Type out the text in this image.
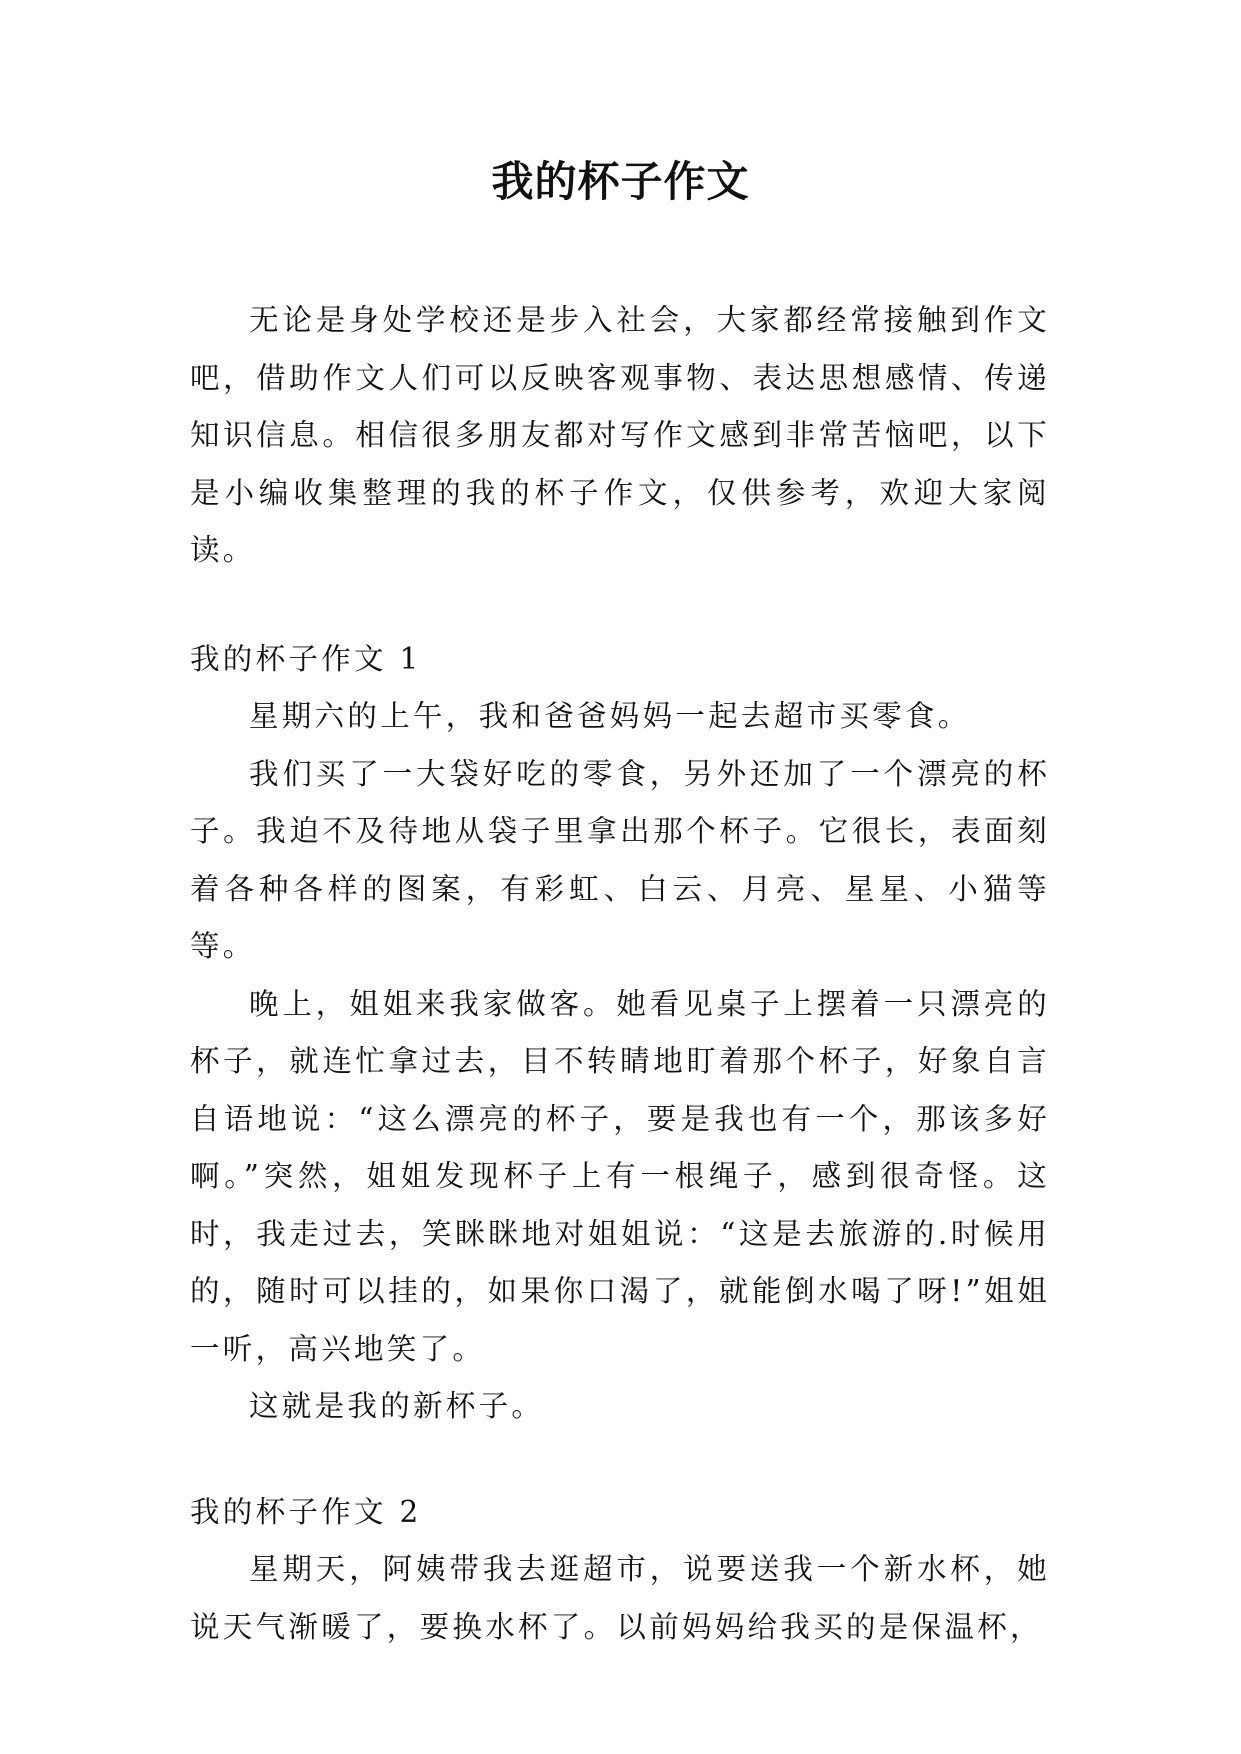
我的杯子作文

无论是身处学校还是步入社会，大家都经常接触到作文吧，借助作文人们可以反映客观事物、表达思想感情、传递知识信息。相信很多朋友都对写作文感到非常苦恼吧，以下是小编收集整理的我的杯子作文，仅供参考，欢迎大家阅读。

我的杯子作文 1

星期六的上午，我和爸爸妈妈一起去超市买零食。

我们买了一大袋好吃的零食，另外还加了一个漂亮的杯子。我迫不及待地从袋子里拿出那个杯子。它很长，表面刻着各种各样的图案，有彩虹、白云、月亮、星星、小猫等等。

晚上，姐姐来我家做客。她看见桌子上摆着一只漂亮的杯子，就连忙拿过去，目不转睛地盯着那个杯子，好象自言自语地说：“这么漂亮的杯子，要是我也有一个，那该多好啊。”突然，姐姐发现杯子上有一根绳子，感到很奇怪。这时，我走过去，笑眯眯地对姐姐说：“这是去旅游的.时候用的，随时可以挂的，如果你口渴了，就能倒水喝了呀!”姐姐一听，高兴地笑了。

这就是我的新杯子。

我的杯子作文 2

星期天，阿姨带我去逛超市，说要送我一个新水杯，她说天气渐暖了，要换水杯了。以前妈妈给我买的是保温杯，
